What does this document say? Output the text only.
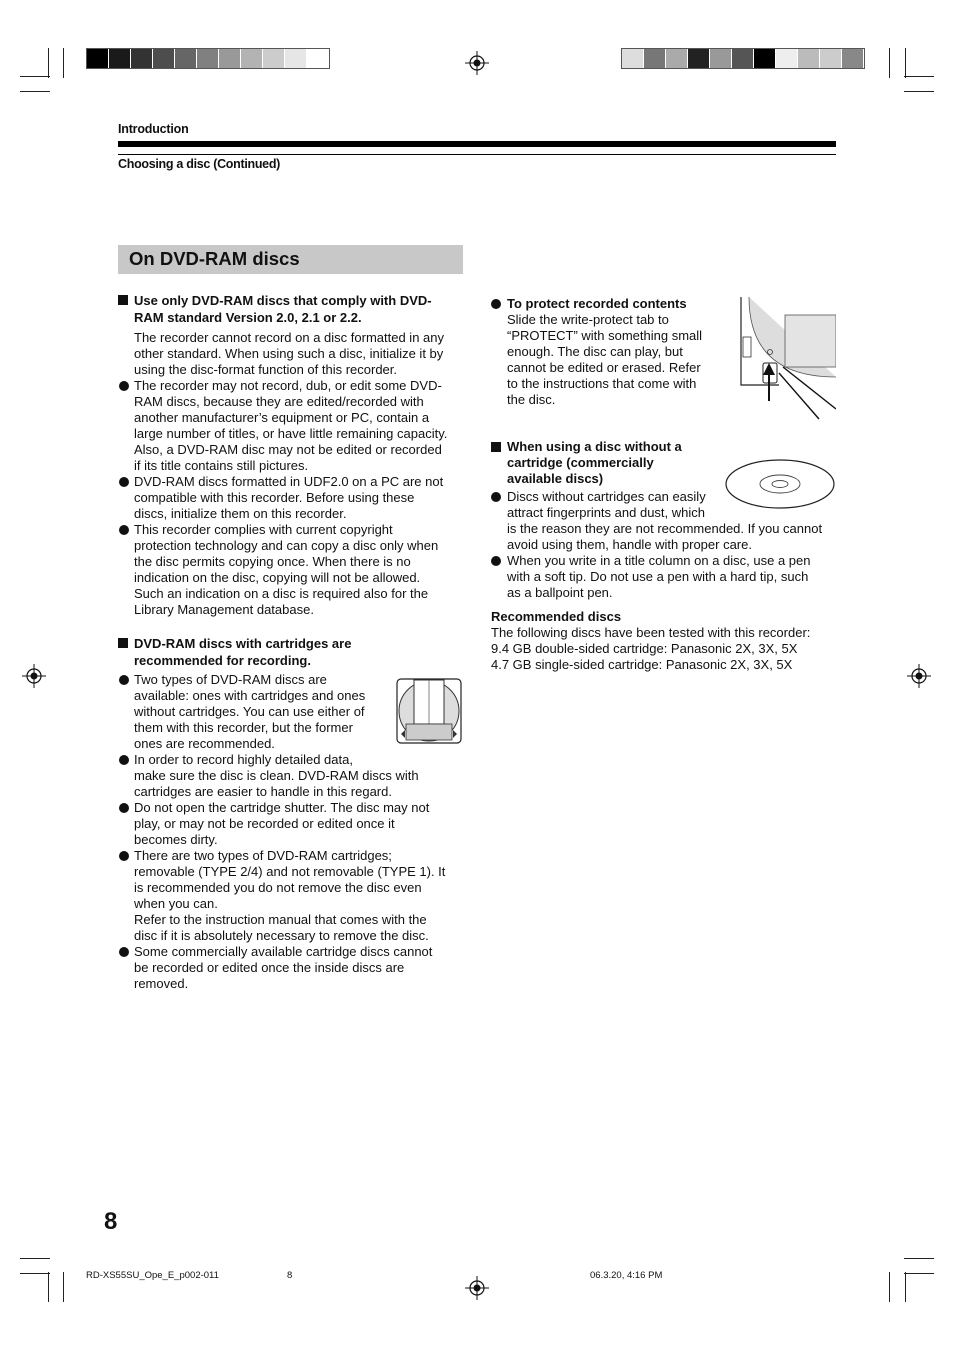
Introduction
Choosing a disc (Continued)
On DVD-RAM discs
Use only DVD-RAM discs that comply with DVD-
RAM standard Version 2.0, 2.1 or 2.2.
The recorder cannot record on a disc formatted in any
other standard. When using such a disc, initialize it by
using the disc-format function of this recorder.
The recorder may not record, dub, or edit some DVD-
RAM discs, because they are edited/recorded with
another manufacturer’s equipment or PC, contain a
large number of titles, or have little remaining capacity.
Also, a DVD-RAM disc may not be edited or recorded
if its title contains still pictures.
DVD-RAM discs formatted in UDF2.0 on a PC are not
compatible with this recorder. Before using these
discs, initialize them on this recorder.
This recorder complies with current copyright
protection technology and can copy a disc only when
the disc permits copying once. When there is no
indication on the disc, copying will not be allowed.
Such an indication on a disc is required also for the
Library Management database.
DVD-RAM discs with cartridges are
recommended for recording.
Two types of DVD-RAM discs are
available: ones with cartridges and ones
without cartridges. You can use either of
them with this recorder, but the former
ones are recommended.
In order to record highly detailed data,
make sure the disc is clean. DVD-RAM discs with
cartridges are easier to handle in this regard.
Do not open the cartridge shutter. The disc may not
play, or may not be recorded or edited once it
becomes dirty.
There are two types of DVD-RAM cartridges;
removable (TYPE 2/4) and not removable (TYPE 1). It
is recommended you do not remove the disc even
when you can.
Refer to the instruction manual that comes with the
disc if it is absolutely necessary to remove the disc.
Some commercially available cartridge discs cannot
be recorded or edited once the inside discs are
removed.
To protect recorded contents
Slide the write-protect tab to
“PROTECT” with something small
enough. The disc can play, but
cannot be edited or erased. Refer
to the instructions that come with
the disc.
When using a disc without a
cartridge (commercially
available discs)
Discs without cartridges can easily
attract fingerprints and dust, which
is the reason they are not recommended. If you cannot
avoid using them, handle with proper care.
When you write in a title column on a disc, use a pen
with a soft tip. Do not use a pen with a hard tip, such
as a ballpoint pen.
Recommended discs
The following discs have been tested with this recorder:
9.4 GB double-sided cartridge: Panasonic 2X, 3X, 5X
4.7 GB single-sided cartridge: Panasonic 2X, 3X, 5X
8
RD-XS55SU_Ope_E_p002-011	8	06.3.20, 4:16 PM
